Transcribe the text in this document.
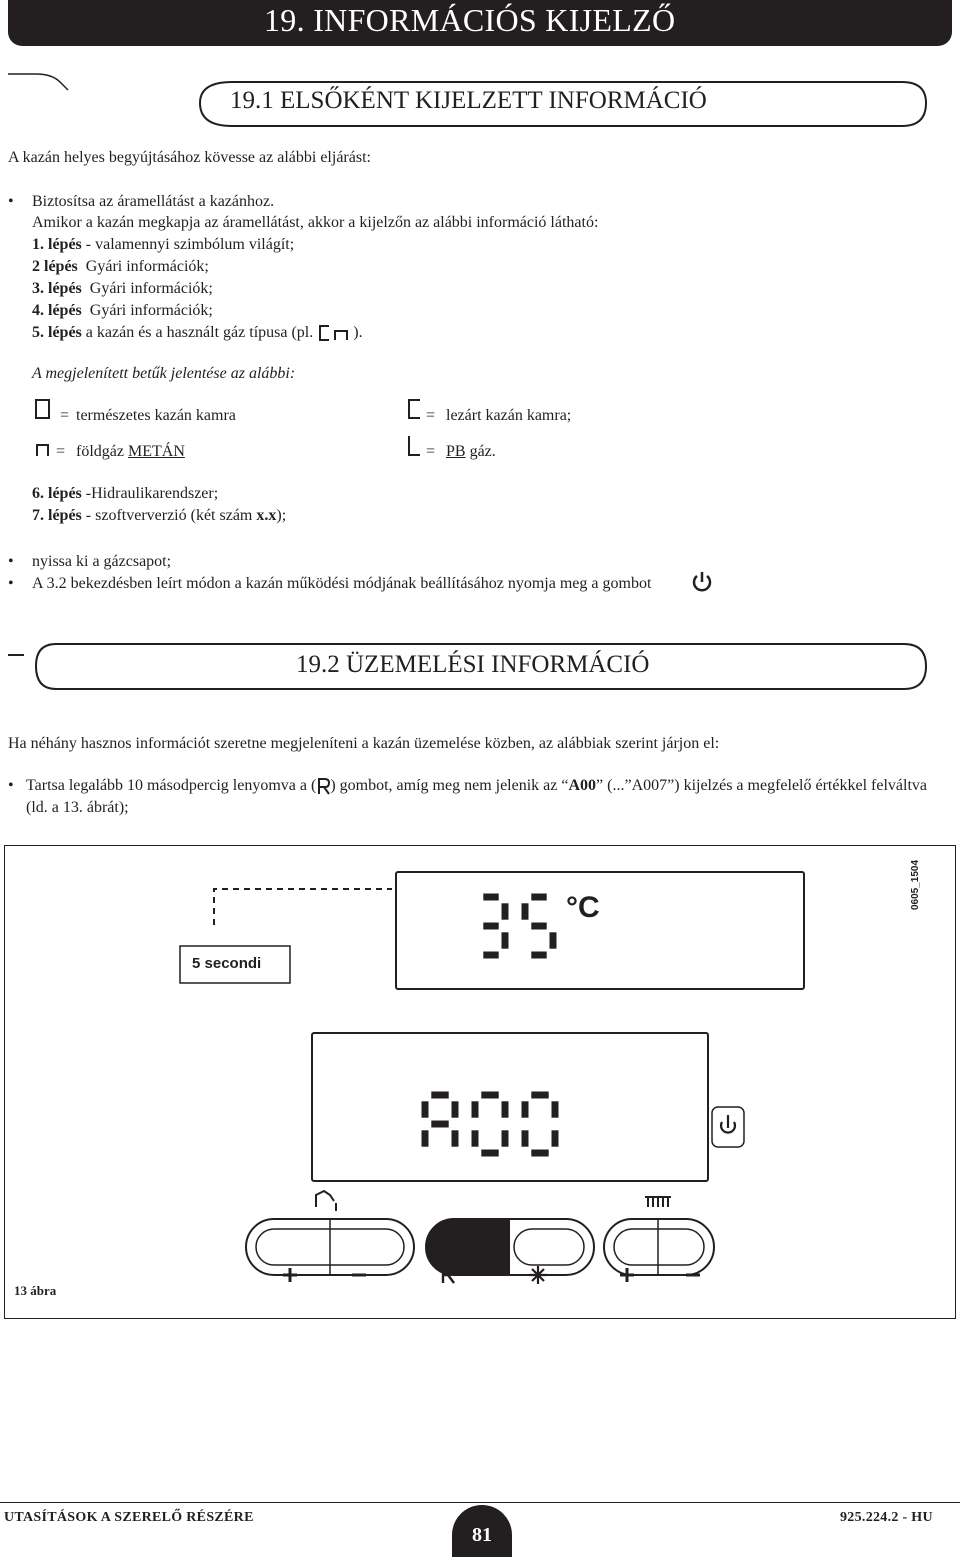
19. INFORMÁCIÓS KIJELZŐ
19.1 ELSŐKÉNT KIJELZETT INFORMÁCIÓ
A kazán helyes begyújtásához kövesse az alábbi eljárást:
• Biztosítsa az áramellátást a kazánhoz.
Amikor a kazán megkapja az áramellátást, akkor a kijelzőn az alábbi információ látható:
1. lépés - valamennyi szimbólum világít;
2 lépés  Gyári információk;
3. lépés  Gyári információk;
4. lépés  Gyári információk;
5. lépés a kazán és a használt gáz típusa (pl. ).
A megjelenített betűk jelentése az alábbi:
= természetes kazán kamra	= lezárt kazán kamra;
= földgáz METÁN	= PB gáz.
6. lépés -Hidraulikarendszer;
7. lépés - szoftververzió (két szám x.x);
• nyissa ki a gázcsapot;
• A 3.2 bekezdésben leírt módon a kazán működési módjának beállításához nyomja meg a gombot
19.2 ÜZEMELÉSI INFORMÁCIÓ
Ha néhány hasznos információt szeretne megjeleníteni a kazán üzemelése közben, az alábbiak szerint járjon el:
• Tartsa legalább 10 másodpercig lenyomva a ( ) gombot, amíg meg nem jelenik az “A00” (...”A007”) kijelzés a megfelelő értékkel felváltva
(ld. a 13. ábrát);
°C
5 secondi
0605_1504
13 ábra
UTASÍTÁSOK A SZERELŐ RÉSZÉRE
81
925.224.2 - HU
